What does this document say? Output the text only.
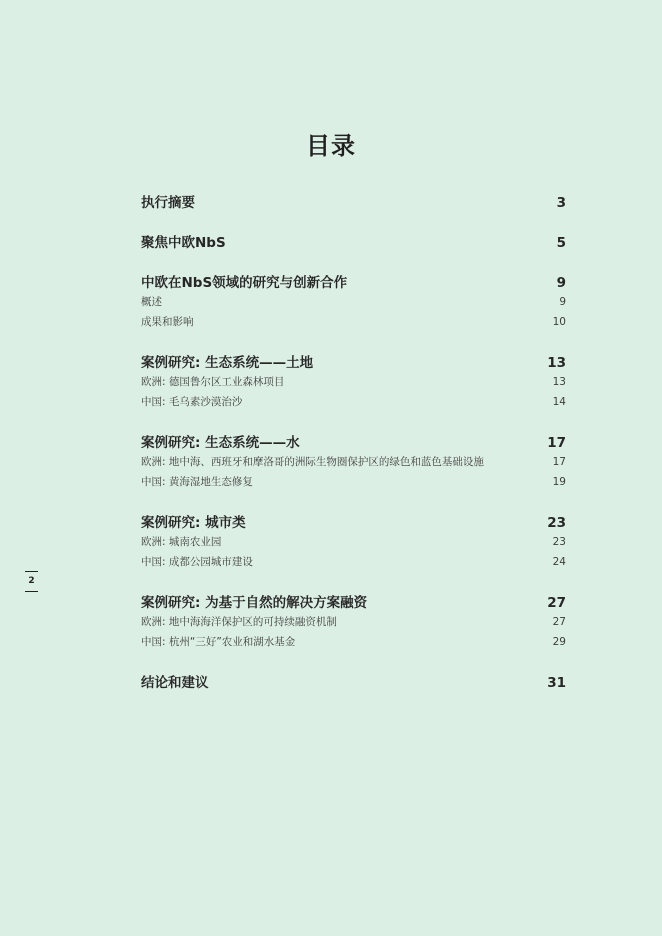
目录
执行摘要	3
聚焦中欧NbS	5
中欧在NbS领域的研究与创新合作	9
概述	9
成果和影响	10
案例研究: 生态系统——土地	13
欧洲: 德国鲁尔区工业森林项目	13
中国: 毛乌素沙漠治沙	14
案例研究: 生态系统——水	17
欧洲: 地中海、西班牙和摩洛哥的洲际生物圈保护区的绿色和蓝色基础设施	17
中国: 黄海湿地生态修复	19
案例研究: 城市类	23
欧洲: 城南农业园	23
中国: 成都公园城市建设	24
案例研究: 为基于自然的解决方案融资	27
欧洲: 地中海海洋保护区的可持续融资机制	27
中国: 杭州“三好”农业和湖水基金	29
结论和建议	31
2
